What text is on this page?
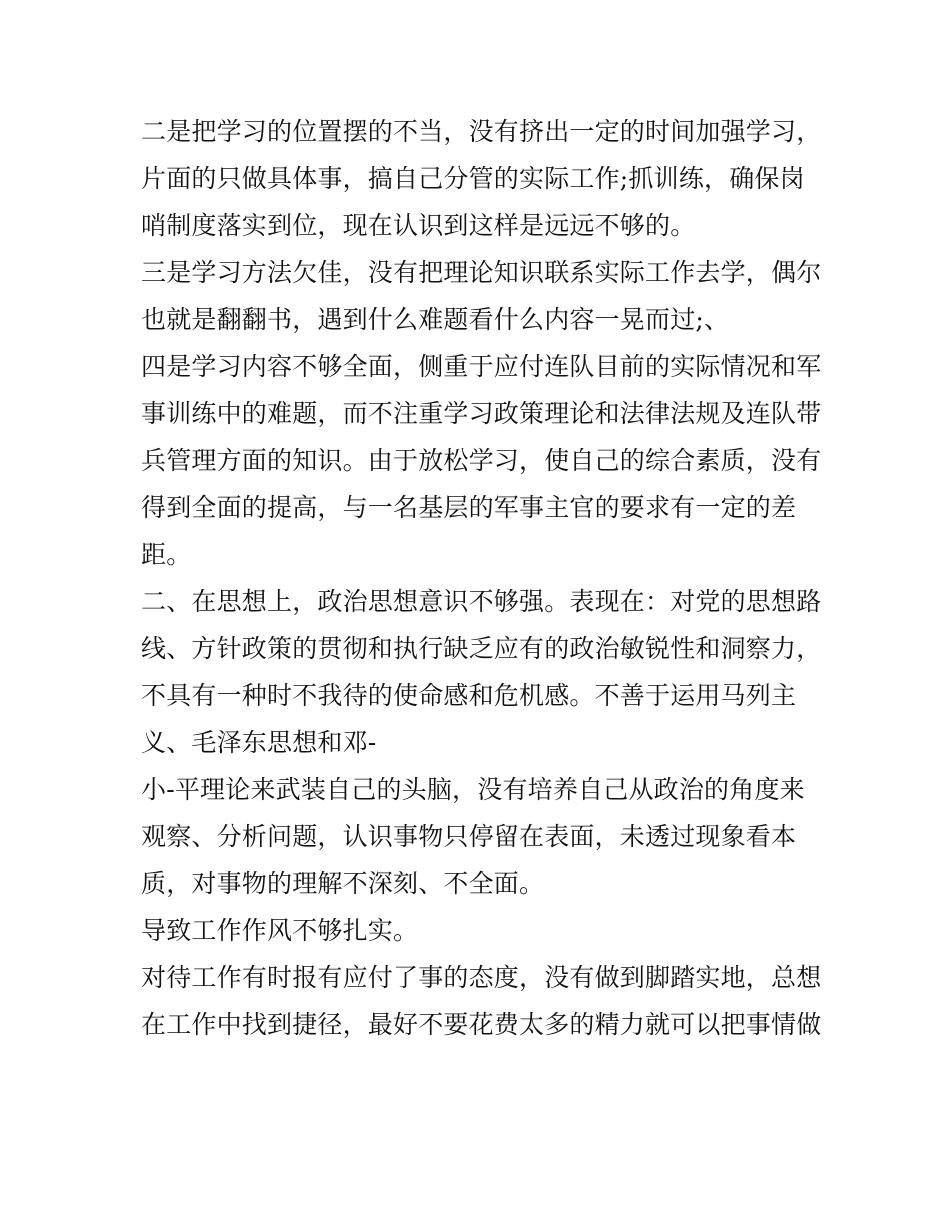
二是把学习的位置摆的不当，没有挤出一定的时间加强学习，
片面的只做具体事，搞自己分管的实际工作;抓训练，确保岗
哨制度落实到位，现在认识到这样是远远不够的。
三是学习方法欠佳，没有把理论知识联系实际工作去学，偶尔
也就是翻翻书，遇到什么难题看什么内容一晃而过;、
四是学习内容不够全面，侧重于应付连队目前的实际情况和军
事训练中的难题，而不注重学习政策理论和法律法规及连队带
兵管理方面的知识。由于放松学习，使自己的综合素质，没有
得到全面的提高，与一名基层的军事主官的要求有一定的差
距。
二、在思想上，政治思想意识不够强。表现在：对党的思想路
线、方针政策的贯彻和执行缺乏应有的政治敏锐性和洞察力，
不具有一种时不我待的使命感和危机感。不善于运用马列主
义、毛泽东思想和邓-
小-平理论来武装自己的头脑，没有培养自己从政治的角度来
观察、分析问题，认识事物只停留在表面，未透过现象看本
质，对事物的理解不深刻、不全面。
导致工作作风不够扎实。
对待工作有时报有应付了事的态度，没有做到脚踏实地，总想
在工作中找到捷径，最好不要花费太多的精力就可以把事情做
